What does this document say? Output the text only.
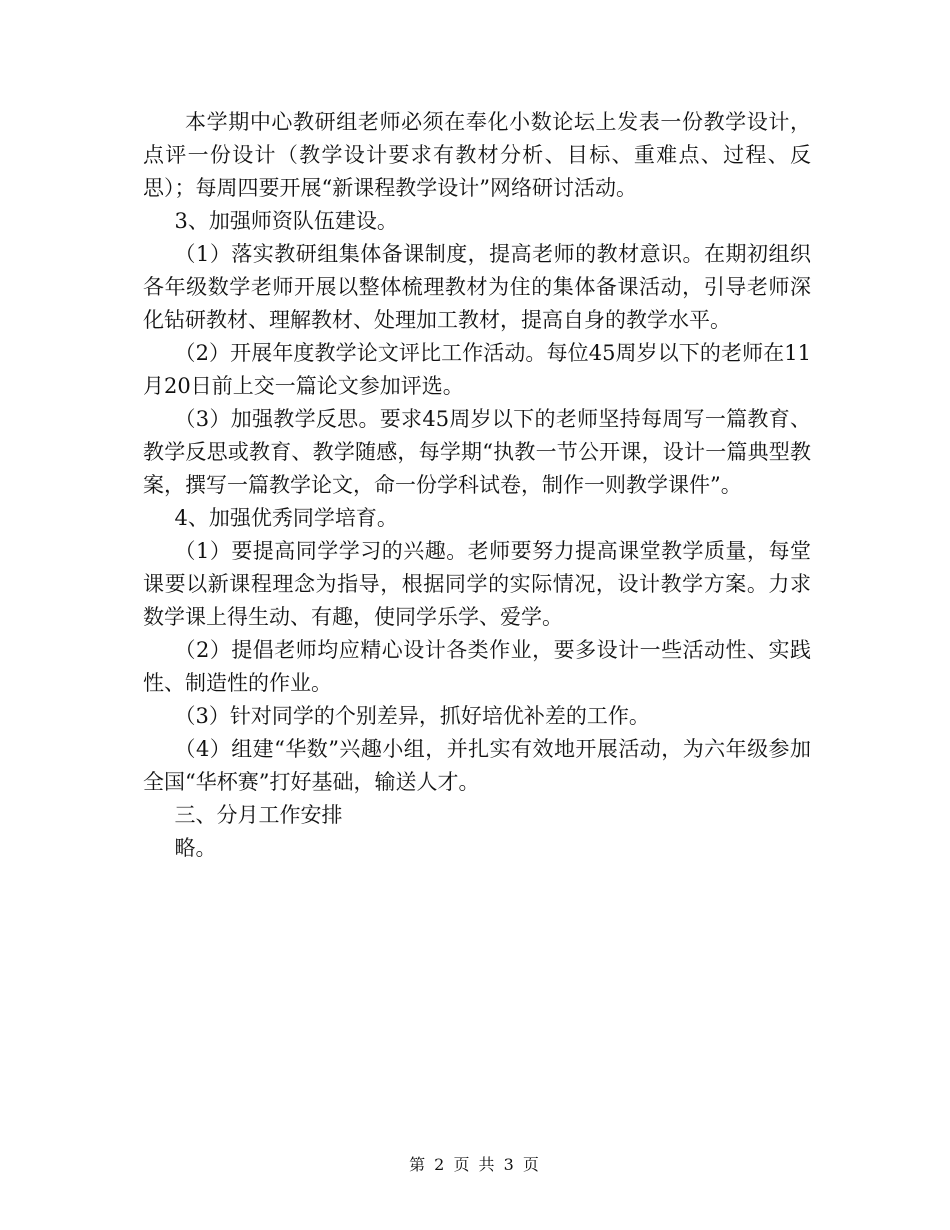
本学期中心教研组老师必须在奉化小数论坛上发表一份教学设计，点评一份设计（教学设计要求有教材分析、目标、重难点、过程、反思）；每周四要开展“新课程教学设计”网络研讨活动。

3、加强师资队伍建设。

（1）落实教研组集体备课制度，提高老师的教材意识。在期初组织各年级数学老师开展以整体梳理教材为住的集体备课活动，引导老师深化钻研教材、理解教材、处理加工教材，提高自身的教学水平。

（2）开展年度教学论文评比工作活动。每位45周岁以下的老师在11月20日前上交一篇论文参加评选。

（3）加强教学反思。要求45周岁以下的老师坚持每周写一篇教育、教学反思或教育、教学随感，每学期“执教一节公开课，设计一篇典型教案，撰写一篇教学论文，命一份学科试卷，制作一则教学课件”。

4、加强优秀同学培育。

（1）要提高同学学习的兴趣。老师要努力提高课堂教学质量，每堂课要以新课程理念为指导，根据同学的实际情况，设计教学方案。力求数学课上得生动、有趣，使同学乐学、爱学。

（2）提倡老师均应精心设计各类作业，要多设计一些活动性、实践性、制造性的作业。

（3）针对同学的个别差异，抓好培优补差的工作。

（4）组建“华数”兴趣小组，并扎实有效地开展活动，为六年级参加全国“华杯赛”打好基础，输送人才。

三、分月工作安排

略。

第 2 页 共 3 页
